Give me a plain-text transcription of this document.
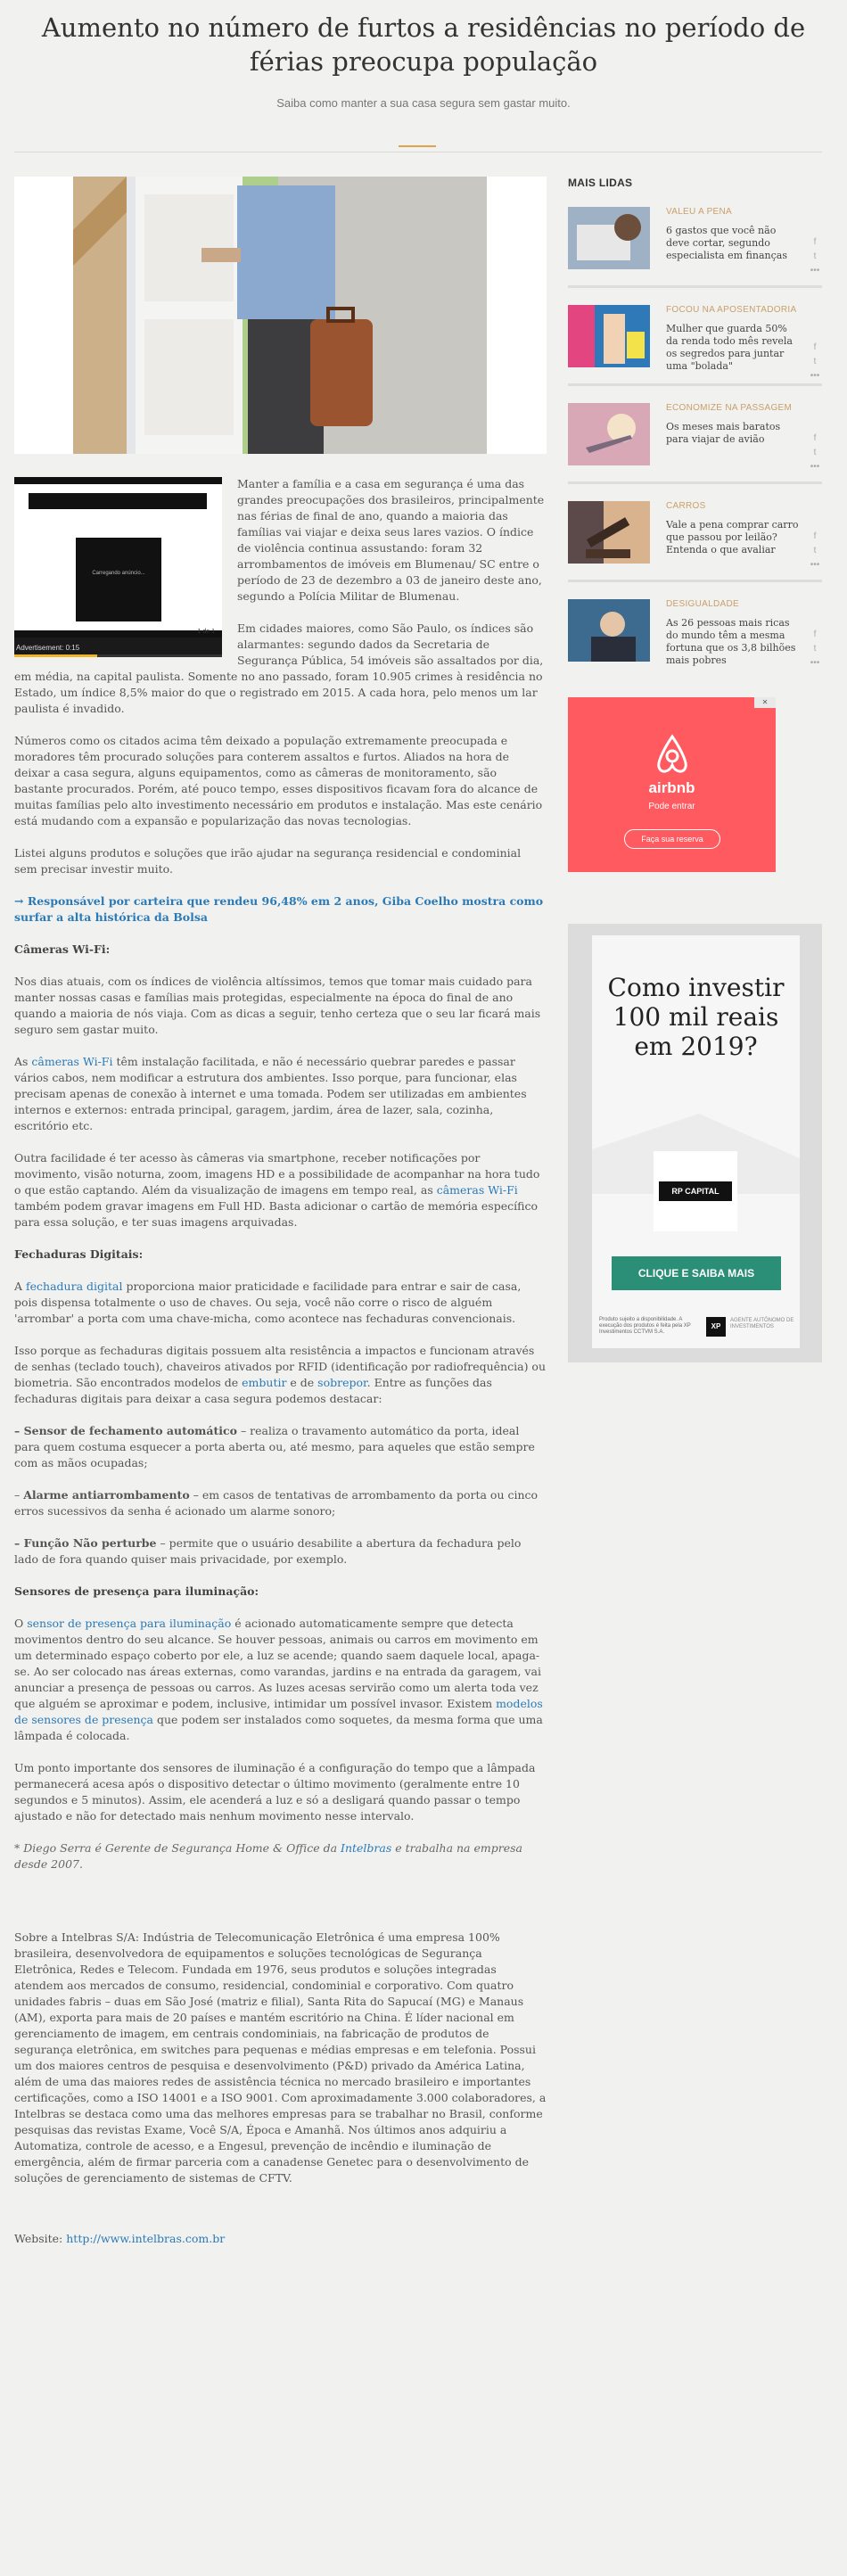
Aumento no número de furtos a residências no período de férias preocupa população
Saiba como manter a sua casa segura sem gastar muito.
Carregando anúncio...
1 de 1
Advertisement: 0:15

Manter a família e a casa em segurança é uma das grandes preocupações dos brasileiros, principalmente nas férias de final de ano, quando a maioria das famílias vai viajar e deixa seus lares vazios. O índice de violência continua assustando: foram 32 arrombamentos de imóveis em Blumenau/ SC entre o período de 23 de dezembro a 03 de janeiro deste ano, segundo a Polícia Militar de Blumenau.

Em cidades maiores, como São Paulo, os índices são alarmantes: segundo dados da Secretaria de Segurança Pública, 54 imóveis são assaltados por dia, em média, na capital paulista. Somente no ano passado, foram 10.905 crimes à residência no Estado, um índice 8,5% maior do que o registrado em 2015. A cada hora, pelo menos um lar paulista é invadido.

Números como os citados acima têm deixado a população extremamente preocupada e moradores têm procurado soluções para conterem assaltos e furtos. Aliados na hora de deixar a casa segura, alguns equipamentos, como as câmeras de monitoramento, são bastante procurados. Porém, até pouco tempo, esses dispositivos ficavam fora do alcance de muitas famílias pelo alto investimento necessário em produtos e instalação. Mas este cenário está mudando com a expansão e popularização das novas tecnologias.

Listei alguns produtos e soluções que irão ajudar na segurança residencial e condominial sem precisar investir muito.

→ Responsável por carteira que rendeu 96,48% em 2 anos, Giba Coelho mostra como surfar a alta histórica da Bolsa

Câmeras Wi-Fi:

Nos dias atuais, com os índices de violência altíssimos, temos que tomar mais cuidado para manter nossas casas e famílias mais protegidas, especialmente na época do final de ano quando a maioria de nós viaja. Com as dicas a seguir, tenho certeza que o seu lar ficará mais seguro sem gastar muito.

As câmeras Wi-Fi têm instalação facilitada, e não é necessário quebrar paredes e passar vários cabos, nem modificar a estrutura dos ambientes. Isso porque, para funcionar, elas precisam apenas de conexão à internet e uma tomada. Podem ser utilizadas em ambientes internos e externos: entrada principal, garagem, jardim, área de lazer, sala, cozinha, escritório etc.

Outra facilidade é ter acesso às câmeras via smartphone, receber notificações por movimento, visão noturna, zoom, imagens HD e a possibilidade de acompanhar na hora tudo o que estão captando. Além da visualização de imagens em tempo real, as câmeras Wi-Fi também podem gravar imagens em Full HD. Basta adicionar o cartão de memória específico para essa solução, e ter suas imagens arquivadas.

Fechaduras Digitais:

A fechadura digital proporciona maior praticidade e facilidade para entrar e sair de casa, pois dispensa totalmente o uso de chaves. Ou seja, você não corre o risco de alguém 'arrombar' a porta com uma chave-micha, como acontece nas fechaduras convencionais.

Isso porque as fechaduras digitais possuem alta resistência a impactos e funcionam através de senhas (teclado touch), chaveiros ativados por RFID (identificação por radiofrequência) ou biometria. São encontrados modelos de embutir e de sobrepor. Entre as funções das fechaduras digitais para deixar a casa segura podemos destacar:

– Sensor de fechamento automático – realiza o travamento automático da porta, ideal para quem costuma esquecer a porta aberta ou, até mesmo, para aqueles que estão sempre com as mãos ocupadas;

– Alarme antiarrombamento – em casos de tentativas de arrombamento da porta ou cinco erros sucessivos da senha é acionado um alarme sonoro;

– Função Não perturbe – permite que o usuário desabilite a abertura da fechadura pelo lado de fora quando quiser mais privacidade, por exemplo.

Sensores de presença para iluminação:

O sensor de presença para iluminação é acionado automaticamente sempre que detecta movimentos dentro do seu alcance. Se houver pessoas, animais ou carros em movimento em um determinado espaço coberto por ele, a luz se acende; quando saem daquele local, apaga-se. Ao ser colocado nas áreas externas, como varandas, jardins e na entrada da garagem, vai anunciar a presença de pessoas ou carros. As luzes acesas servirão como um alerta toda vez que alguém se aproximar e podem, inclusive, intimidar um possível invasor. Existem modelos de sensores de presença que podem ser instalados como soquetes, da mesma forma que uma lâmpada é colocada.

Um ponto importante dos sensores de iluminação é a configuração do tempo que a lâmpada permanecerá acesa após o dispositivo detectar o último movimento (geralmente entre 10 segundos e 5 minutos). Assim, ele acenderá a luz e só a desligará quando passar o tempo ajustado e não for detectado mais nenhum movimento nesse intervalo.

* Diego Serra é Gerente de Segurança Home & Office da Intelbras e trabalha na empresa desde 2007.

Sobre a Intelbras S/A: Indústria de Telecomunicação Eletrônica é uma empresa 100% brasileira, desenvolvedora de equipamentos e soluções tecnológicas de Segurança Eletrônica, Redes e Telecom. Fundada em 1976, seus produtos e soluções integradas atendem aos mercados de consumo, residencial, condominial e corporativo. Com quatro unidades fabris – duas em São José (matriz e filial), Santa Rita do Sapucaí (MG) e Manaus (AM), exporta para mais de 20 países e mantém escritório na China. É líder nacional em gerenciamento de imagem, em centrais condominiais, na fabricação de produtos de segurança eletrônica, em switches para pequenas e médias empresas e em telefonia. Possui um dos maiores centros de pesquisa e desenvolvimento (P&D) privado da América Latina, além de uma das maiores redes de assistência técnica no mercado brasileiro e importantes certificações, como a ISO 14001 e a ISO 9001. Com aproximadamente 3.000 colaboradores, a Intelbras se destaca como uma das melhores empresas para se trabalhar no Brasil, conforme pesquisas das revistas Exame, Você S/A, Época e Amanhã. Nos últimos anos adquiriu a Automatiza, controle de acesso, e a Engesul, prevenção de incêndio e iluminação de emergência, além de firmar parceria com a canadense Genetec para o desenvolvimento de soluções de gerenciamento de sistemas de CFTV.

Website: http://www.intelbras.com.br

MAIS LIDAS
VALEU A PENA
6 gastos que você não deve cortar, segundo especialista em finanças
f
t
•••
FOCOU NA APOSENTADORIA
Mulher que guarda 50% da renda todo mês revela os segredos para juntar uma "bolada"
f
t
•••
ECONOMIZE NA PASSAGEM
Os meses mais baratos para viajar de avião	f
t
•••
CARROS
Vale a pena comprar carro que passou por leilão? Entenda o que avaliar
f
t
•••
DESIGUALDADE
As 26 pessoas mais ricas do mundo têm a mesma fortuna que os 3,8 bilhões mais pobres
f
t
•••
✕
airbnb
Pode entrar
Faça sua reserva
Como investir 100 mil reais em 2019?
RP CAPITAL
CLIQUE E SAIBA MAIS
Produto sujeito a disponibilidade. A execução dos produtos é feita pela XP Investimentos CCTVM S.A.
XP
AGENTE AUTÔNOMO DE INVESTIMENTOS
